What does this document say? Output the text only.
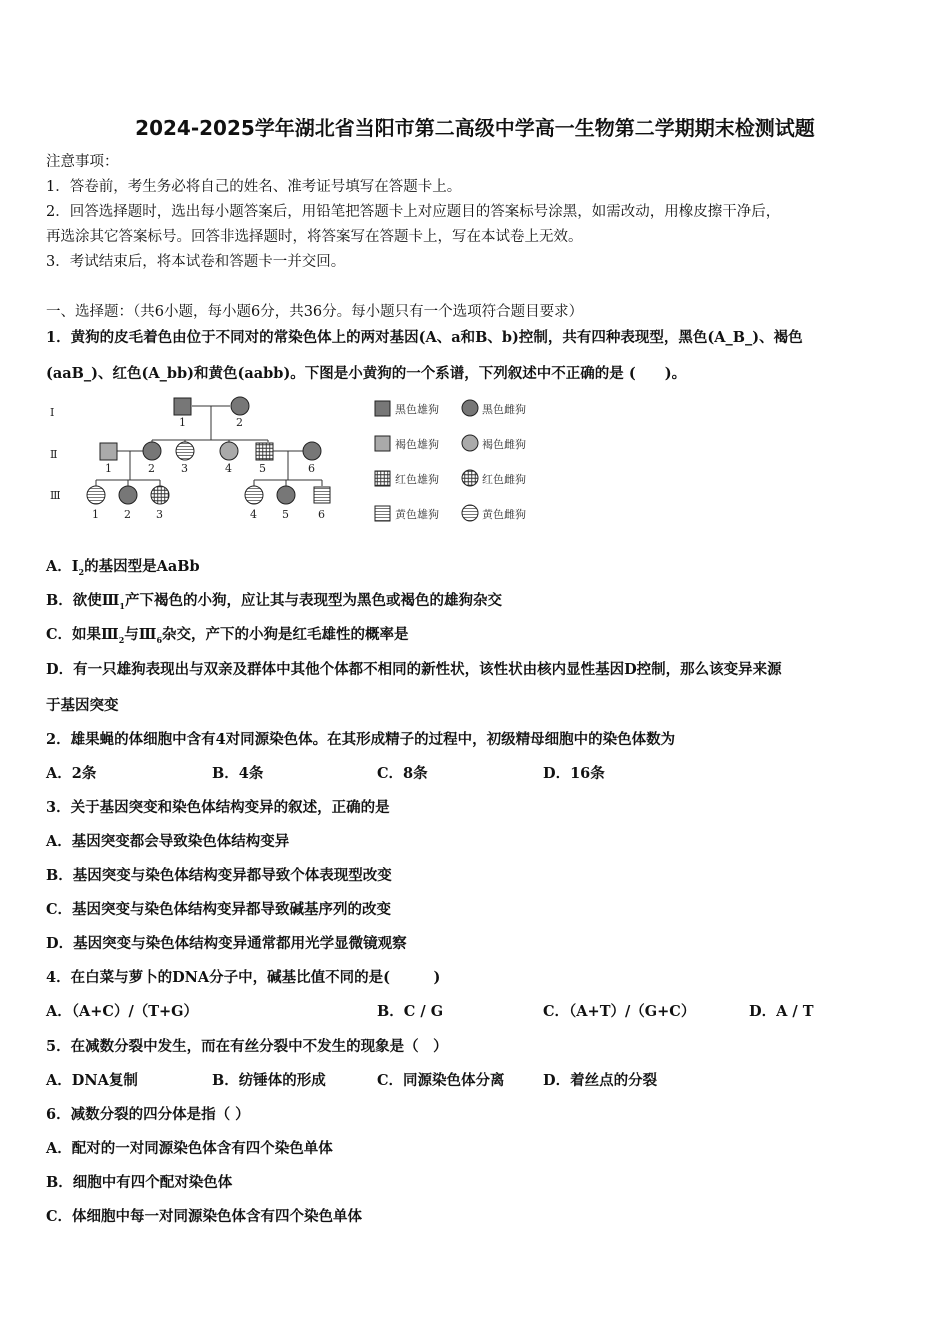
2024-2025学年湖北省当阳市第二高级中学高一生物第二学期期末检测试题
注意事项：
1．答卷前，考生务必将自己的姓名、准考证号填写在答题卡上。
2．回答选择题时，选出每小题答案后，用铅笔把答题卡上对应题目的答案标号涂黑，如需改动，用橡皮擦干净后，
再选涂其它答案标号。回答非选择题时，将答案写在答题卡上，写在本试卷上无效。
3．考试结束后，将本试卷和答题卡一并交回。
一、选择题：（共6小题，每小题6分，共36分。每小题只有一个选项符合题目要求）
1．黄狗的皮毛着色由位于不同对的常染色体上的两对基因(A、a和B、b)控制，共有四种表现型，黑色(A_B_)、褐色
(aaB_)、红色(A_bb)和黄色(aabb)。下图是小黄狗的一个系谱，下列叙述中不正确的是 (　　)。
Ⅰ
Ⅱ
Ⅲ
1	2
1	2 3	4 5	6
1 2 3	4 5	6
黑色雄狗	黑色雌狗
褐色雄狗	褐色雌狗
红色雄狗	红色雌狗
黄色雄狗	黄色雌狗
A．$Ⅰ_2$的基因型是AaBb
B．欲使$Ⅲ_1$产下褐色的小狗，应让其与表现型为黑色或褐色的雄狗杂交
C．如果$Ⅲ_2$与$Ⅲ_6$杂交，产下的小狗是红毛雄性的概率是
D．有一只雄狗表现出与双亲及群体中其他个体都不相同的新性状，该性状由核内显性基因D控制，那么该变异来源
于基因突变
2．雄果蝇的体细胞中含有4对同源染色体。在其形成精子的过程中，初级精母细胞中的染色体数为
A．2条	B．4条	C．8条	D．16条
3．关于基因突变和染色体结构变异的叙述，正确的是
A．基因突变都会导致染色体结构变异
B．基因突变与染色体结构变异都导致个体表现型改变
C．基因突变与染色体结构变异都导致碱基序列的改变
D．基因突变与染色体结构变异通常都用光学显微镜观察
4．在白菜与萝卜的DNA分子中，碱基比值不同的是(　　　)
A．（A+C）/（T+G）	B．C / G	C．（A+T）/（G+C）	D．A / T
5．在减数分裂中发生，而在有丝分裂中不发生的现象是（　）
A．DNA复制	B．纺锤体的形成	C．同源染色体分离	D．着丝点的分裂
6．减数分裂的四分体是指（ ）
A．配对的一对同源染色体含有四个染色单体
B．细胞中有四个配对染色体
C．体细胞中每一对同源染色体含有四个染色单体
